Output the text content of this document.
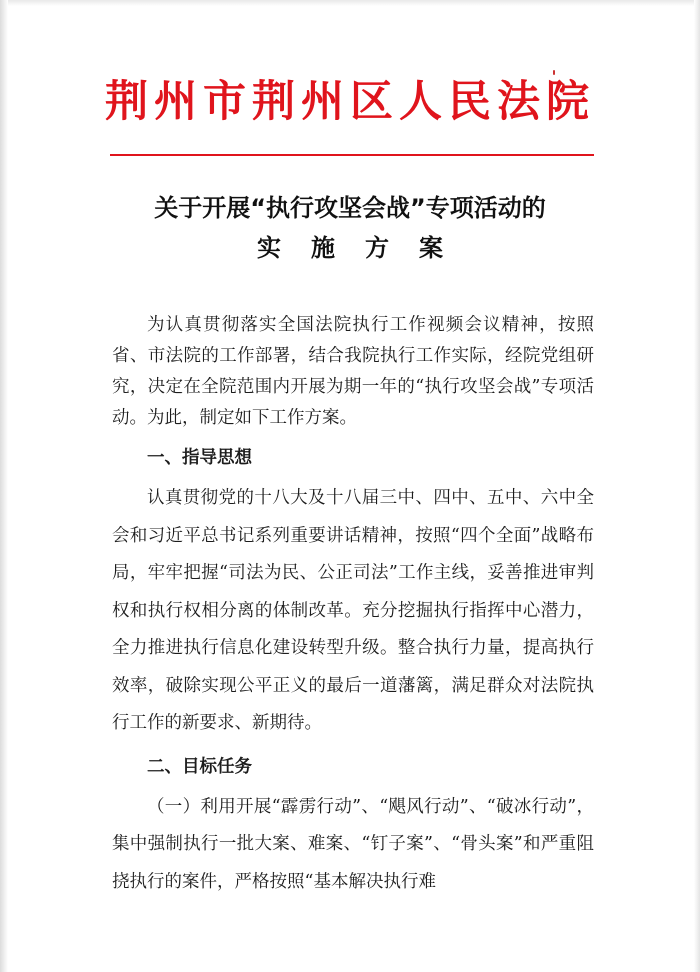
荆州市荆州区人民法院
关于开展“执行攻坚会战”专项活动的
实施方案

为认真贯彻落实全国法院执行工作视频会议精神，按照省、市法院的工作部署，结合我院执行工作实际，经院党组研究，决定在全院范围内开展为期一年的“执行攻坚会战”专项活动。为此，制定如下工作方案。

一、指导思想

认真贯彻党的十八大及十八届三中、四中、五中、六中全会和习近平总书记系列重要讲话精神，按照“四个全面”战略布局，牢牢把握“司法为民、公正司法”工作主线，妥善推进审判权和执行权相分离的体制改革。充分挖掘执行指挥中心潜力，全力推进执行信息化建设转型升级。整合执行力量，提高执行效率，破除实现公平正义的最后一道藩篱，满足群众对法院执行工作的新要求、新期待。

二、目标任务

（一）利用开展“霹雳行动”、“飓风行动”、“破冰行动”，集中强制执行一批大案、难案、“钉子案”、“骨头案”和严重阻挠执行的案件，严格按照“基本解决执行难
